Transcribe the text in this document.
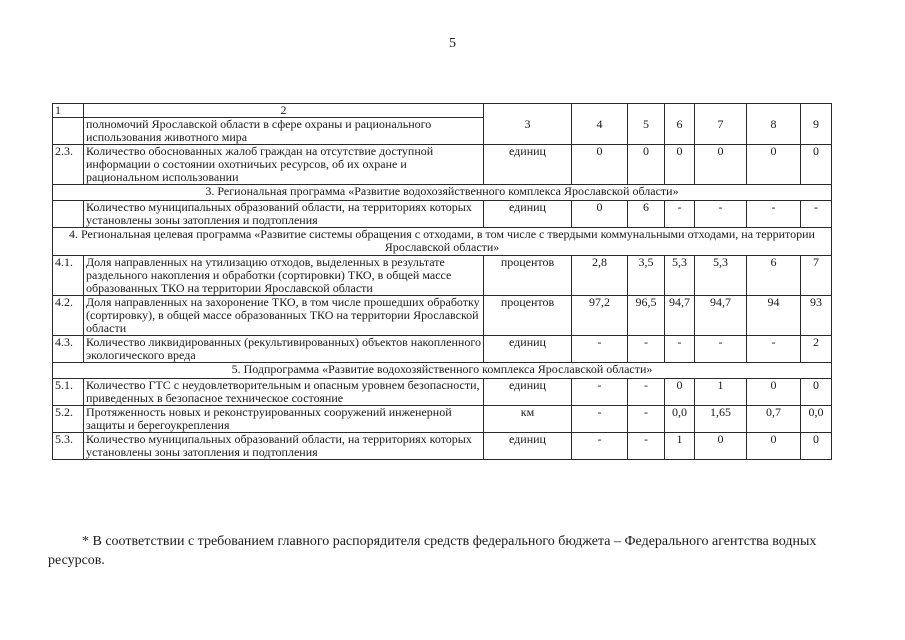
5
1	2	3	4	5	6	7	8	9
	полномочий Ярославской области в сфере охраны и рационального использования животного мира							
2.3.	Количество обоснованных жалоб граждан на отсутствие доступной информации о состоянии охотничьих ресурсов, об их охране и рациональном использовании	единиц	0	0	0	0	0	0
3. Региональная программа «Развитие водохозяйственного комплекса Ярославской области»								
	Количество муниципальных образований области, на территориях которых установлены зоны затопления и подтопления	единиц	0	6	-	-	-	-
4. Региональная целевая программа «Развитие системы обращения с отходами, в том числе с твердыми коммунальными отходами, на территории Ярославской области»								
4.1.	Доля направленных на утилизацию отходов, выделенных в результате раздельного накопления и обработки (сортировки) ТКО, в общей массе образованных ТКО на территории Ярославской области	процентов	2,8	3,5	5,3	5,3	6	7
4.2.	Доля направленных на захоронение ТКО, в том числе прошедших обработку (сортировку), в общей массе образованных ТКО на территории Ярославской области	процентов	97,2	96,5	94,7	94,7	94	93
4.3.	Количество ликвидированных (рекультивированных) объектов накопленного экологического вреда	единиц	-	-	-	-	-	2
5. Подпрограмма «Развитие водохозяйственного комплекса Ярославской области»								
5.1.	Количество ГТС с неудовлетворительным и опасным уровнем безопасности, приведенных в безопасное техническое состояние	единиц	-	-	0	1	0	0
5.2.	Протяженность новых и реконструированных сооружений инженерной защиты и берегоукрепления	км	-	-	0,0	1,65	0,7	0,0
5.3.	Количество муниципальных образований области, на территориях которых установлены зоны затопления и подтопления	единиц	-	-	1	0	0	0
* В соответствии с требованием главного распорядителя средств федерального бюджета – Федерального агентства водных ресурсов.
